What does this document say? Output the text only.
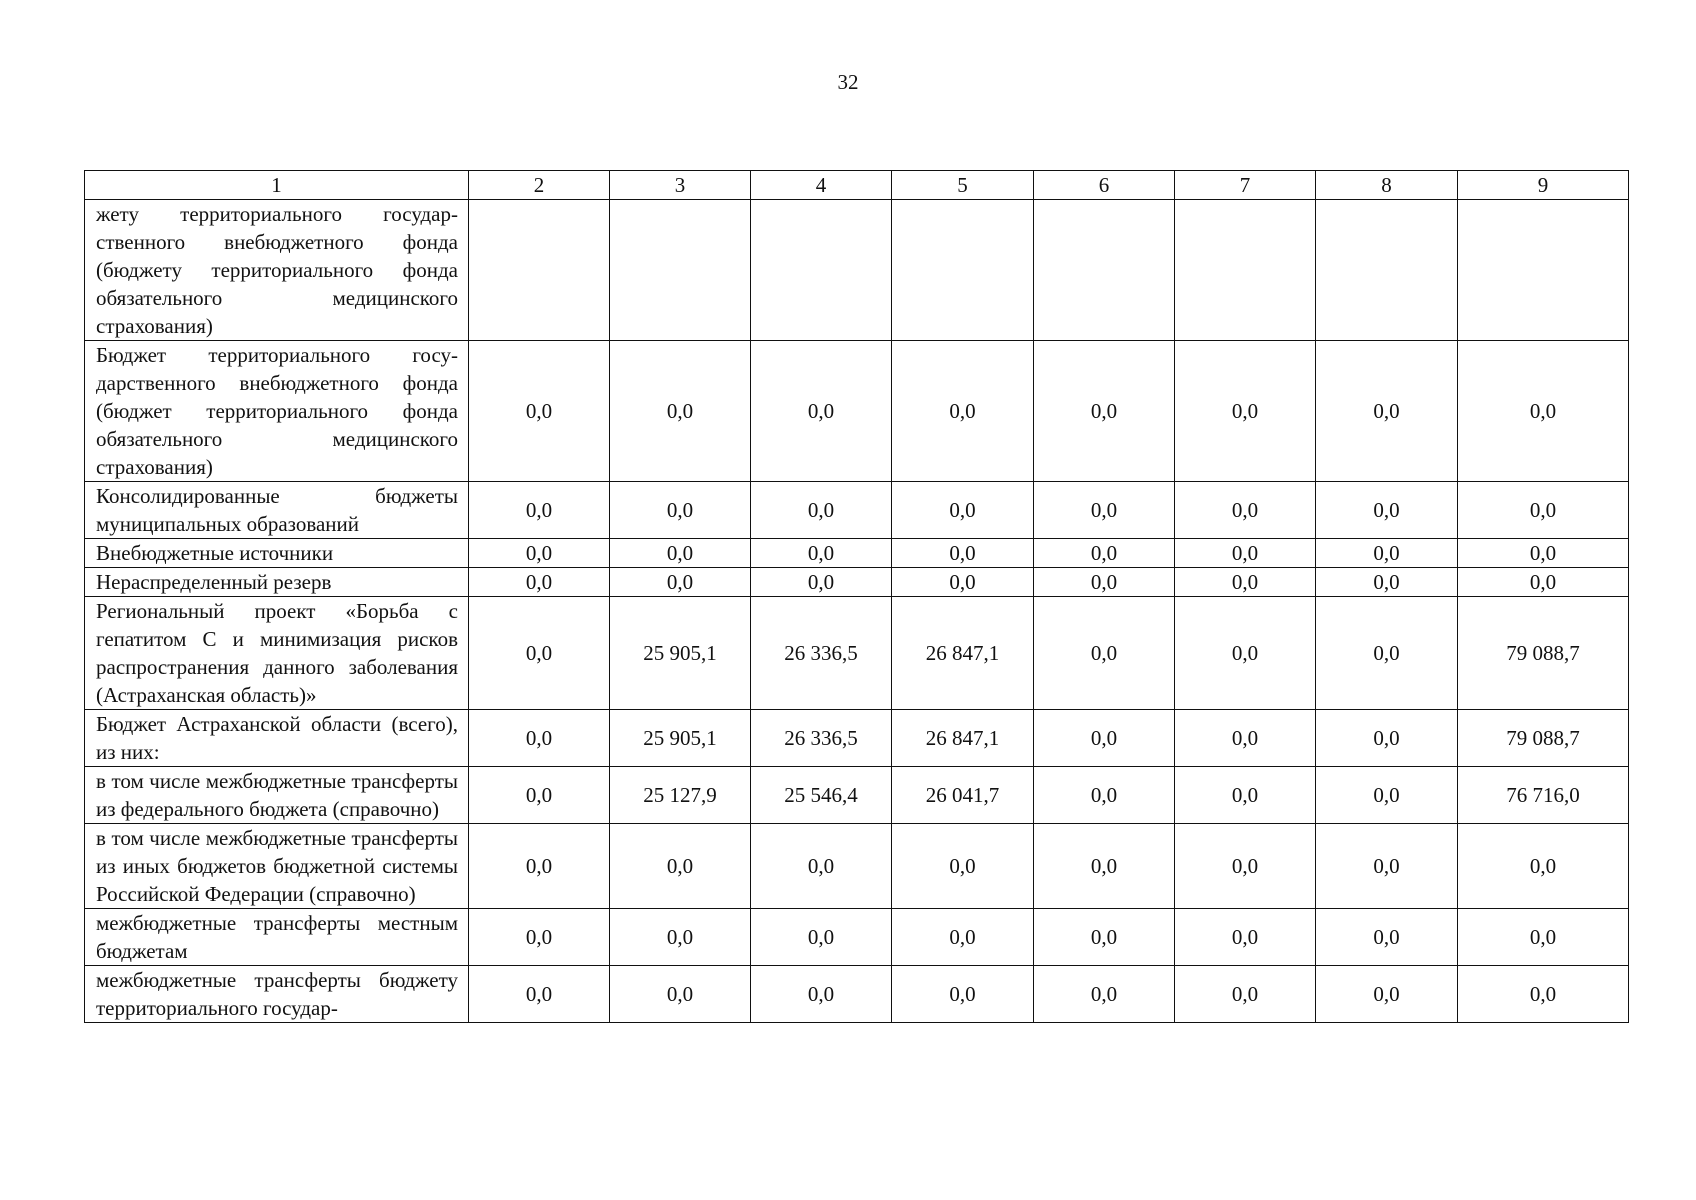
32
1	2	3	4	5	6	7	8	9
жету территориального государственного внебюджетного фонда (бюджету территориального фонда обязательного медицинского страхования)								
Бюджет территориального государственного внебюджетного фонда (бюджет территориального фонда обязательного медицинского страхования)	0,0	0,0	0,0	0,0	0,0	0,0	0,0	0,0
Консолидированные бюджеты муниципальных образований	0,0	0,0	0,0	0,0	0,0	0,0	0,0	0,0
Внебюджетные источники	0,0	0,0	0,0	0,0	0,0	0,0	0,0	0,0
Нераспределенный резерв	0,0	0,0	0,0	0,0	0,0	0,0	0,0	0,0
Региональный проект «Борьба с гепатитом С и минимизация рисков распространения данного заболевания (Астраханская область)»	0,0	25 905,1	26 336,5	26 847,1	0,0	0,0	0,0	79 088,7
Бюджет Астраханской области (всего), из них:	0,0	25 905,1	26 336,5	26 847,1	0,0	0,0	0,0	79 088,7
в том числе межбюджетные трансферты из федерального бюджета (справочно)	0,0	25 127,9	25 546,4	26 041,7	0,0	0,0	0,0	76 716,0
в том числе межбюджетные трансферты из иных бюджетов бюджетной системы Российской Федерации (справочно)	0,0	0,0	0,0	0,0	0,0	0,0	0,0	0,0
межбюджетные трансферты местным бюджетам	0,0	0,0	0,0	0,0	0,0	0,0	0,0	0,0
межбюджетные трансферты бюджету территориального государ-	0,0	0,0	0,0	0,0	0,0	0,0	0,0	0,0
